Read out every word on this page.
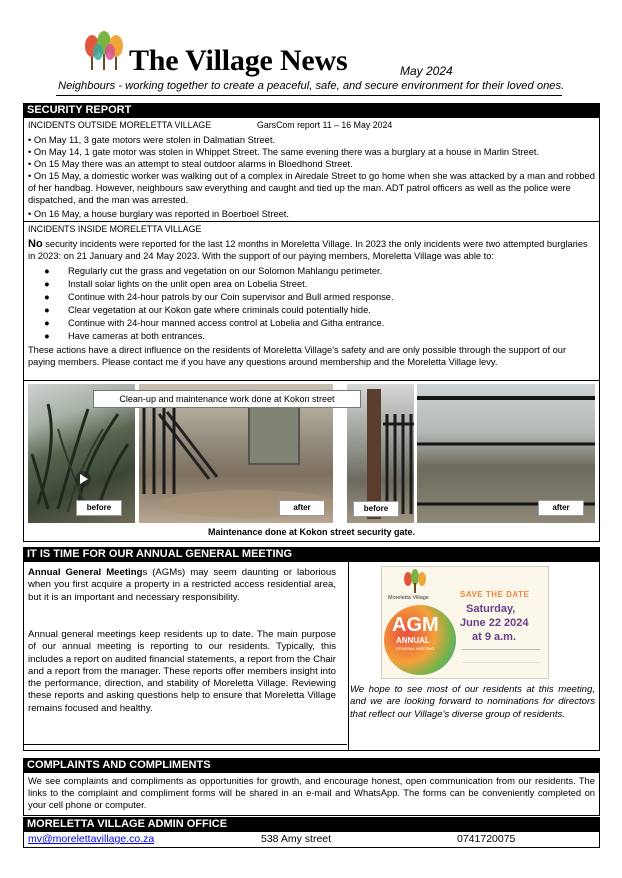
The Village News	May 2024
Neighbours - working together to create a peaceful, safe, and secure environment for their loved ones.
SECURITY REPORT
INCIDENTS OUTSIDE MORELETTA VILLAGE	GarsCom report 11 – 16 May 2024
• On May 11, 3 gate motors were stolen in Dalmatian Street.
• On May 14, 1 gate motor was stolen in Whippet Street. The same evening there was a burglary at a house in Marlin Street.
• On 15 May there was an attempt to steal outdoor alarms in Bloedhond Street.
• On 15 May, a domestic worker was walking out of a complex in Airedale Street to go home when she was attacked by a man and robbed of her handbag. However, neighbours saw everything and caught and tied up the man. ADT patrol officers as well as the police were dispatched, and the man was arrested.
• On 16 May, a house burglary was reported in Boerboel Street.
INCIDENTS INSIDE MORELETTA VILLAGE
No security incidents were reported for the last 12 months in Moreletta Village. In 2023 the only incidents were two attempted burglaries in 2023: on 21 January and 24 May 2023. With the support of our paying members, Moreletta Village was able to:
● Regularly cut the grass and vegetation on our Solomon Mahlangu perimeter.
● Install solar lights on the unlit open area on Lobelia Street.
● Continue with 24-hour patrols by our Coin supervisor and Bull armed response.
● Clear vegetation at our Kokon gate where criminals could potentially hide.
● Continue with 24-hour manned access control at Lobelia and Githa entrance.
● Have cameras at both entrances.
These actions have a direct influence on the residents of Moreletta Village's safety and are only possible through the support of our paying members. Please contact me if you have any questions around membership and the Moreletta Village levy.
before	after	before	after
Clean-up and maintenance work done at Kokon street
Maintenance done at Kokon street security gate.
IT IS TIME FOR OUR ANNUAL GENERAL MEETING
Annual General Meetings (AGMs) may seem daunting or laborious when you first acquire a property in a restricted access residential area, but it is an important and necessary responsibility.
Annual general meetings keep residents up to date. The main purpose of our annual meeting is reporting to our residents. Typically, this includes a report on audited financial statements, a report from the Chair and a report from the manager. These reports offer members insight into the performance, direction, and stability of Moreletta Village. Reviewing these reports and asking questions help to ensure that Moreletta Village remains focused and healthy.
Moreletta Village
AGM
ANNUAL
GENERAL MEETING
SAVE THE DATE
Saturday,
June 22 2024
at 9 a.m.
We hope to see most of our residents at this meeting, and we are looking forward to nominations for directors that reflect our Village's diverse group of residents.
COMPLAINTS AND COMPLIMENTS
We see complaints and compliments as opportunities for growth, and encourage honest, open communication from our residents. The links to the complaint and compliment forms will be shared in an e-mail and WhatsApp. The forms can be conveniently completed on your cell phone or computer.
MORELETTA VILLAGE ADMIN OFFICE
mv@morelettavillage.co.za	538 Amy street	0741720075
